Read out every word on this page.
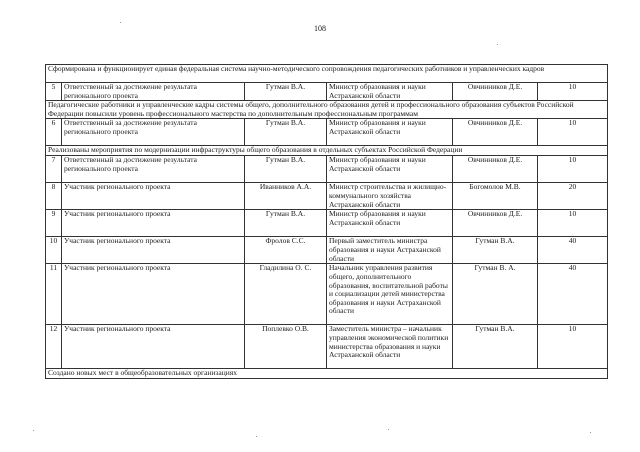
108
Сформирована и функционирует единая федеральная система научно-методического сопровождения педагогических работников и управленческих кадров					
5	Ответственный за достижение результата регионального проекта	Гутман В.А.	Министр образования и науки Астраханской области	Овчинников Д.Е.	10
Педагогические работники и управленческие кадры системы общего, дополнительного образования детей и профессионального образования субъектов Российской Федерации повысили уровень профессионального мастерства по дополнительным профессиональным программам					
6	Ответственный за достижение результата регионального проекта	Гутман В.А.	Министр образования и науки Астраханской области	Овчинников Д.Е.	10
Реализованы мероприятия по модернизации инфраструктуры общего образования в отдельных субъектах Российской Федерации					
7	Ответственный за достижение результата регионального проекта	Гутман В.А.	Министр образования и науки Астраханской области	Овчинников Д.Е.	10
8	Участник регионального проекта	Иванников А.А.	Министр строительства и жилищно-коммунального хозяйства Астраханской области	Богомолов М.В.	20
9	Участник регионального проекта	Гутман В.А.	Министр образования и науки Астраханской области	Овчинников Д.Е.	10
10	Участник регионального проекта	Фролов С.С.	Первый заместитель министра образования и науки Астраханской области	Гутман В.А.	40
11	Участник регионального проекта	Гладилина О. С.	Начальник управления развития общего, дополнительного образования, воспитательной работы и социализации детей министерства образования и науки Астраханской области	Гутман В. А.	40
12	Участник регионального проекта	Поплевко О.В.	Заместитель министра – начальник управления экономической политики министерства образования и науки Астраханской области	Гутман В.А.	10
Создано новых мест в общеобразовательных организациях					
